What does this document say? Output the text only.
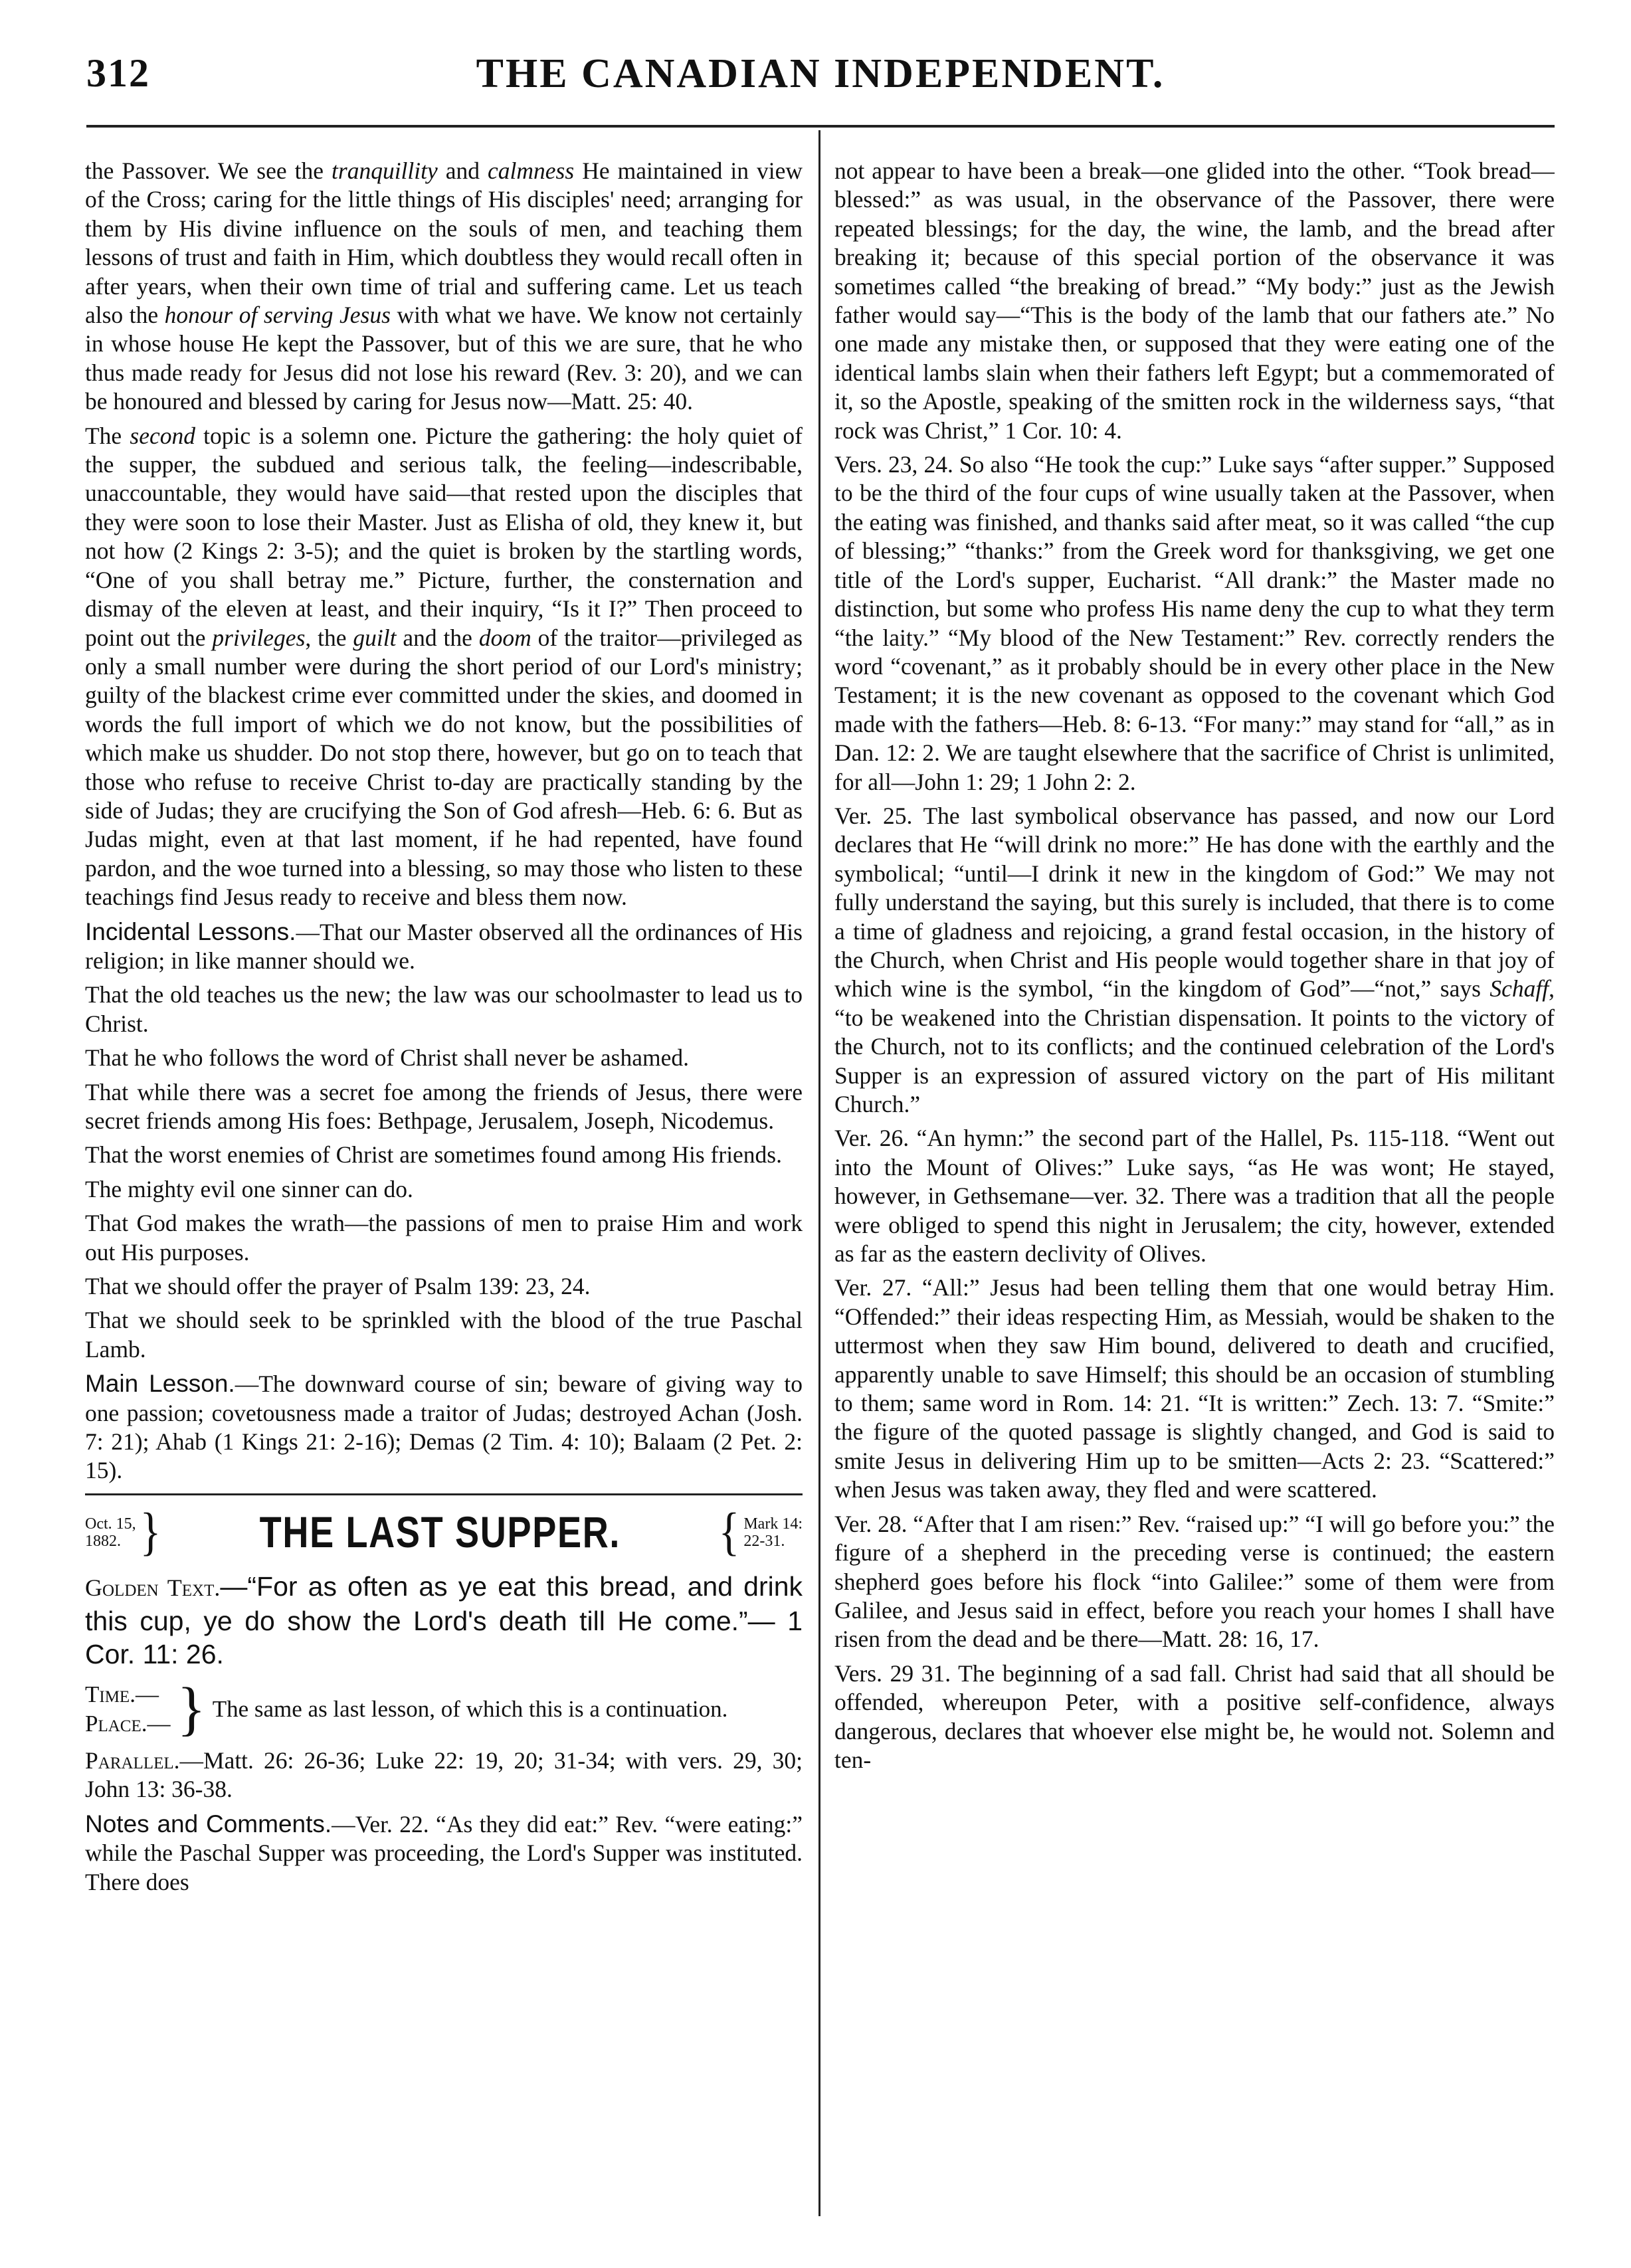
312	THE CANADIAN INDEPENDENT.

the Passover. We see the tranquillity and calmness He maintained in view of the Cross; caring for the little things of His disciples' need; arranging for them by His divine influence on the souls of men, and teaching them lessons of trust and faith in Him, which doubtless they would recall often in after years, when their own time of trial and suffering came. Let us teach also the honour of serving Jesus with what we have. We know not certainly in whose house He kept the Passover, but of this we are sure, that he who thus made ready for Jesus did not lose his reward (Rev. 3: 20), and we can be honoured and blessed by caring for Jesus now—Matt. 25: 40.

The second topic is a solemn one. Picture the gathering: the holy quiet of the supper, the subdued and serious talk, the feeling—indescribable, unaccountable, they would have said—that rested upon the disciples that they were soon to lose their Master. Just as Elisha of old, they knew it, but not how (2 Kings 2: 3-5); and the quiet is broken by the startling words, “One of you shall betray me.” Picture, further, the consternation and dismay of the eleven at least, and their inquiry, “Is it I?” Then proceed to point out the privileges, the guilt and the doom of the traitor—privileged as only a small number were during the short period of our Lord's ministry; guilty of the blackest crime ever committed under the skies, and doomed in words the full import of which we do not know, but the possibilities of which make us shudder. Do not stop there, however, but go on to teach that those who refuse to receive Christ to-day are practically standing by the side of Judas; they are crucifying the Son of God afresh—Heb. 6: 6. But as Judas might, even at that last moment, if he had repented, have found pardon, and the woe turned into a blessing, so may those who listen to these teachings find Jesus ready to receive and bless them now.

Incidental Lessons.—That our Master observed all the ordinances of His religion; in like manner should we.

That the old teaches us the new; the law was our schoolmaster to lead us to Christ.

That he who follows the word of Christ shall never be ashamed.

That while there was a secret foe among the friends of Jesus, there were secret friends among His foes: Bethpage, Jerusalem, Joseph, Nicodemus.

That the worst enemies of Christ are sometimes found among His friends.

The mighty evil one sinner can do.

That God makes the wrath—the passions of men to praise Him and work out His purposes.

That we should offer the prayer of Psalm 139: 23, 24.

That we should seek to be sprinkled with the blood of the true Paschal Lamb.

Main Lesson.—The downward course of sin; beware of giving way to one passion; covetousness made a traitor of Judas; destroyed Achan (Josh. 7: 21); Ahab (1 Kings 21: 2-16); Demas (2 Tim. 4: 10); Balaam (2 Pet. 2: 15).

Oct. 15,
1882. } THE LAST SUPPER. { Mark 14:
22-31.
Golden Text.—“For as often as ye eat this bread, and drink this cup, ye do show the Lord's death till He come.”— 1 Cor. 11: 26.
Time.—
Place.— } The same as last lesson, of which this is a continuation.

Parallel.—Matt. 26: 26-36; Luke 22: 19, 20; 31-34; with vers. 29, 30; John 13: 36-38.

Notes and Comments.—Ver. 22. “As they did eat:” Rev. “were eating:” while the Paschal Supper was proceeding, the Lord's Supper was instituted. There does

not appear to have been a break—one glided into the other. “Took bread—blessed:” as was usual, in the observance of the Passover, there were repeated blessings; for the day, the wine, the lamb, and the bread after breaking it; because of this special portion of the observance it was sometimes called “the breaking of bread.” “My body:” just as the Jewish father would say—“This is the body of the lamb that our fathers ate.” No one made any mistake then, or supposed that they were eating one of the identical lambs slain when their fathers left Egypt; but a commemorated of it, so the Apostle, speaking of the smitten rock in the wilderness says, “that rock was Christ,” 1 Cor. 10: 4.

Vers. 23, 24. So also “He took the cup:” Luke says “after supper.” Supposed to be the third of the four cups of wine usually taken at the Passover, when the eating was finished, and thanks said after meat, so it was called “the cup of blessing;” “thanks:” from the Greek word for thanksgiving, we get one title of the Lord's supper, Eucharist. “All drank:” the Master made no distinction, but some who profess His name deny the cup to what they term “the laity.” “My blood of the New Testament:” Rev. correctly renders the word “covenant,” as it probably should be in every other place in the New Testament; it is the new covenant as opposed to the covenant which God made with the fathers—Heb. 8: 6-13. “For many:” may stand for “all,” as in Dan. 12: 2. We are taught elsewhere that the sacrifice of Christ is unlimited, for all—John 1: 29; 1 John 2: 2.

Ver. 25. The last symbolical observance has passed, and now our Lord declares that He “will drink no more:” He has done with the earthly and the symbolical; “until—I drink it new in the kingdom of God:” We may not fully understand the saying, but this surely is included, that there is to come a time of gladness and rejoicing, a grand festal occasion, in the history of the Church, when Christ and His people would together share in that joy of which wine is the symbol, “in the kingdom of God”—“not,” says Schaff, “to be weakened into the Christian dispensation. It points to the victory of the Church, not to its conflicts; and the continued celebration of the Lord's Supper is an expression of assured victory on the part of His militant Church.”

Ver. 26. “An hymn:” the second part of the Hallel, Ps. 115-118. “Went out into the Mount of Olives:” Luke says, “as He was wont; He stayed, however, in Gethsemane—ver. 32. There was a tradition that all the people were obliged to spend this night in Jerusalem; the city, however, extended as far as the eastern declivity of Olives.

Ver. 27. “All:” Jesus had been telling them that one would betray Him. “Offended:” their ideas respecting Him, as Messiah, would be shaken to the uttermost when they saw Him bound, delivered to death and crucified, apparently unable to save Himself; this should be an occasion of stumbling to them; same word in Rom. 14: 21. “It is written:” Zech. 13: 7. “Smite:” the figure of the quoted passage is slightly changed, and God is said to smite Jesus in delivering Him up to be smitten—Acts 2: 23. “Scattered:” when Jesus was taken away, they fled and were scattered.

Ver. 28. “After that I am risen:” Rev. “raised up:” “I will go before you:” the figure of a shepherd in the preceding verse is continued; the eastern shepherd goes before his flock “into Galilee:” some of them were from Galilee, and Jesus said in effect, before you reach your homes I shall have risen from the dead and be there—Matt. 28: 16, 17.

Vers. 29 31. The beginning of a sad fall. Christ had said that all should be offended, whereupon Peter, with a positive self-confidence, always dangerous, declares that whoever else might be, he would not. Solemn and ten-
